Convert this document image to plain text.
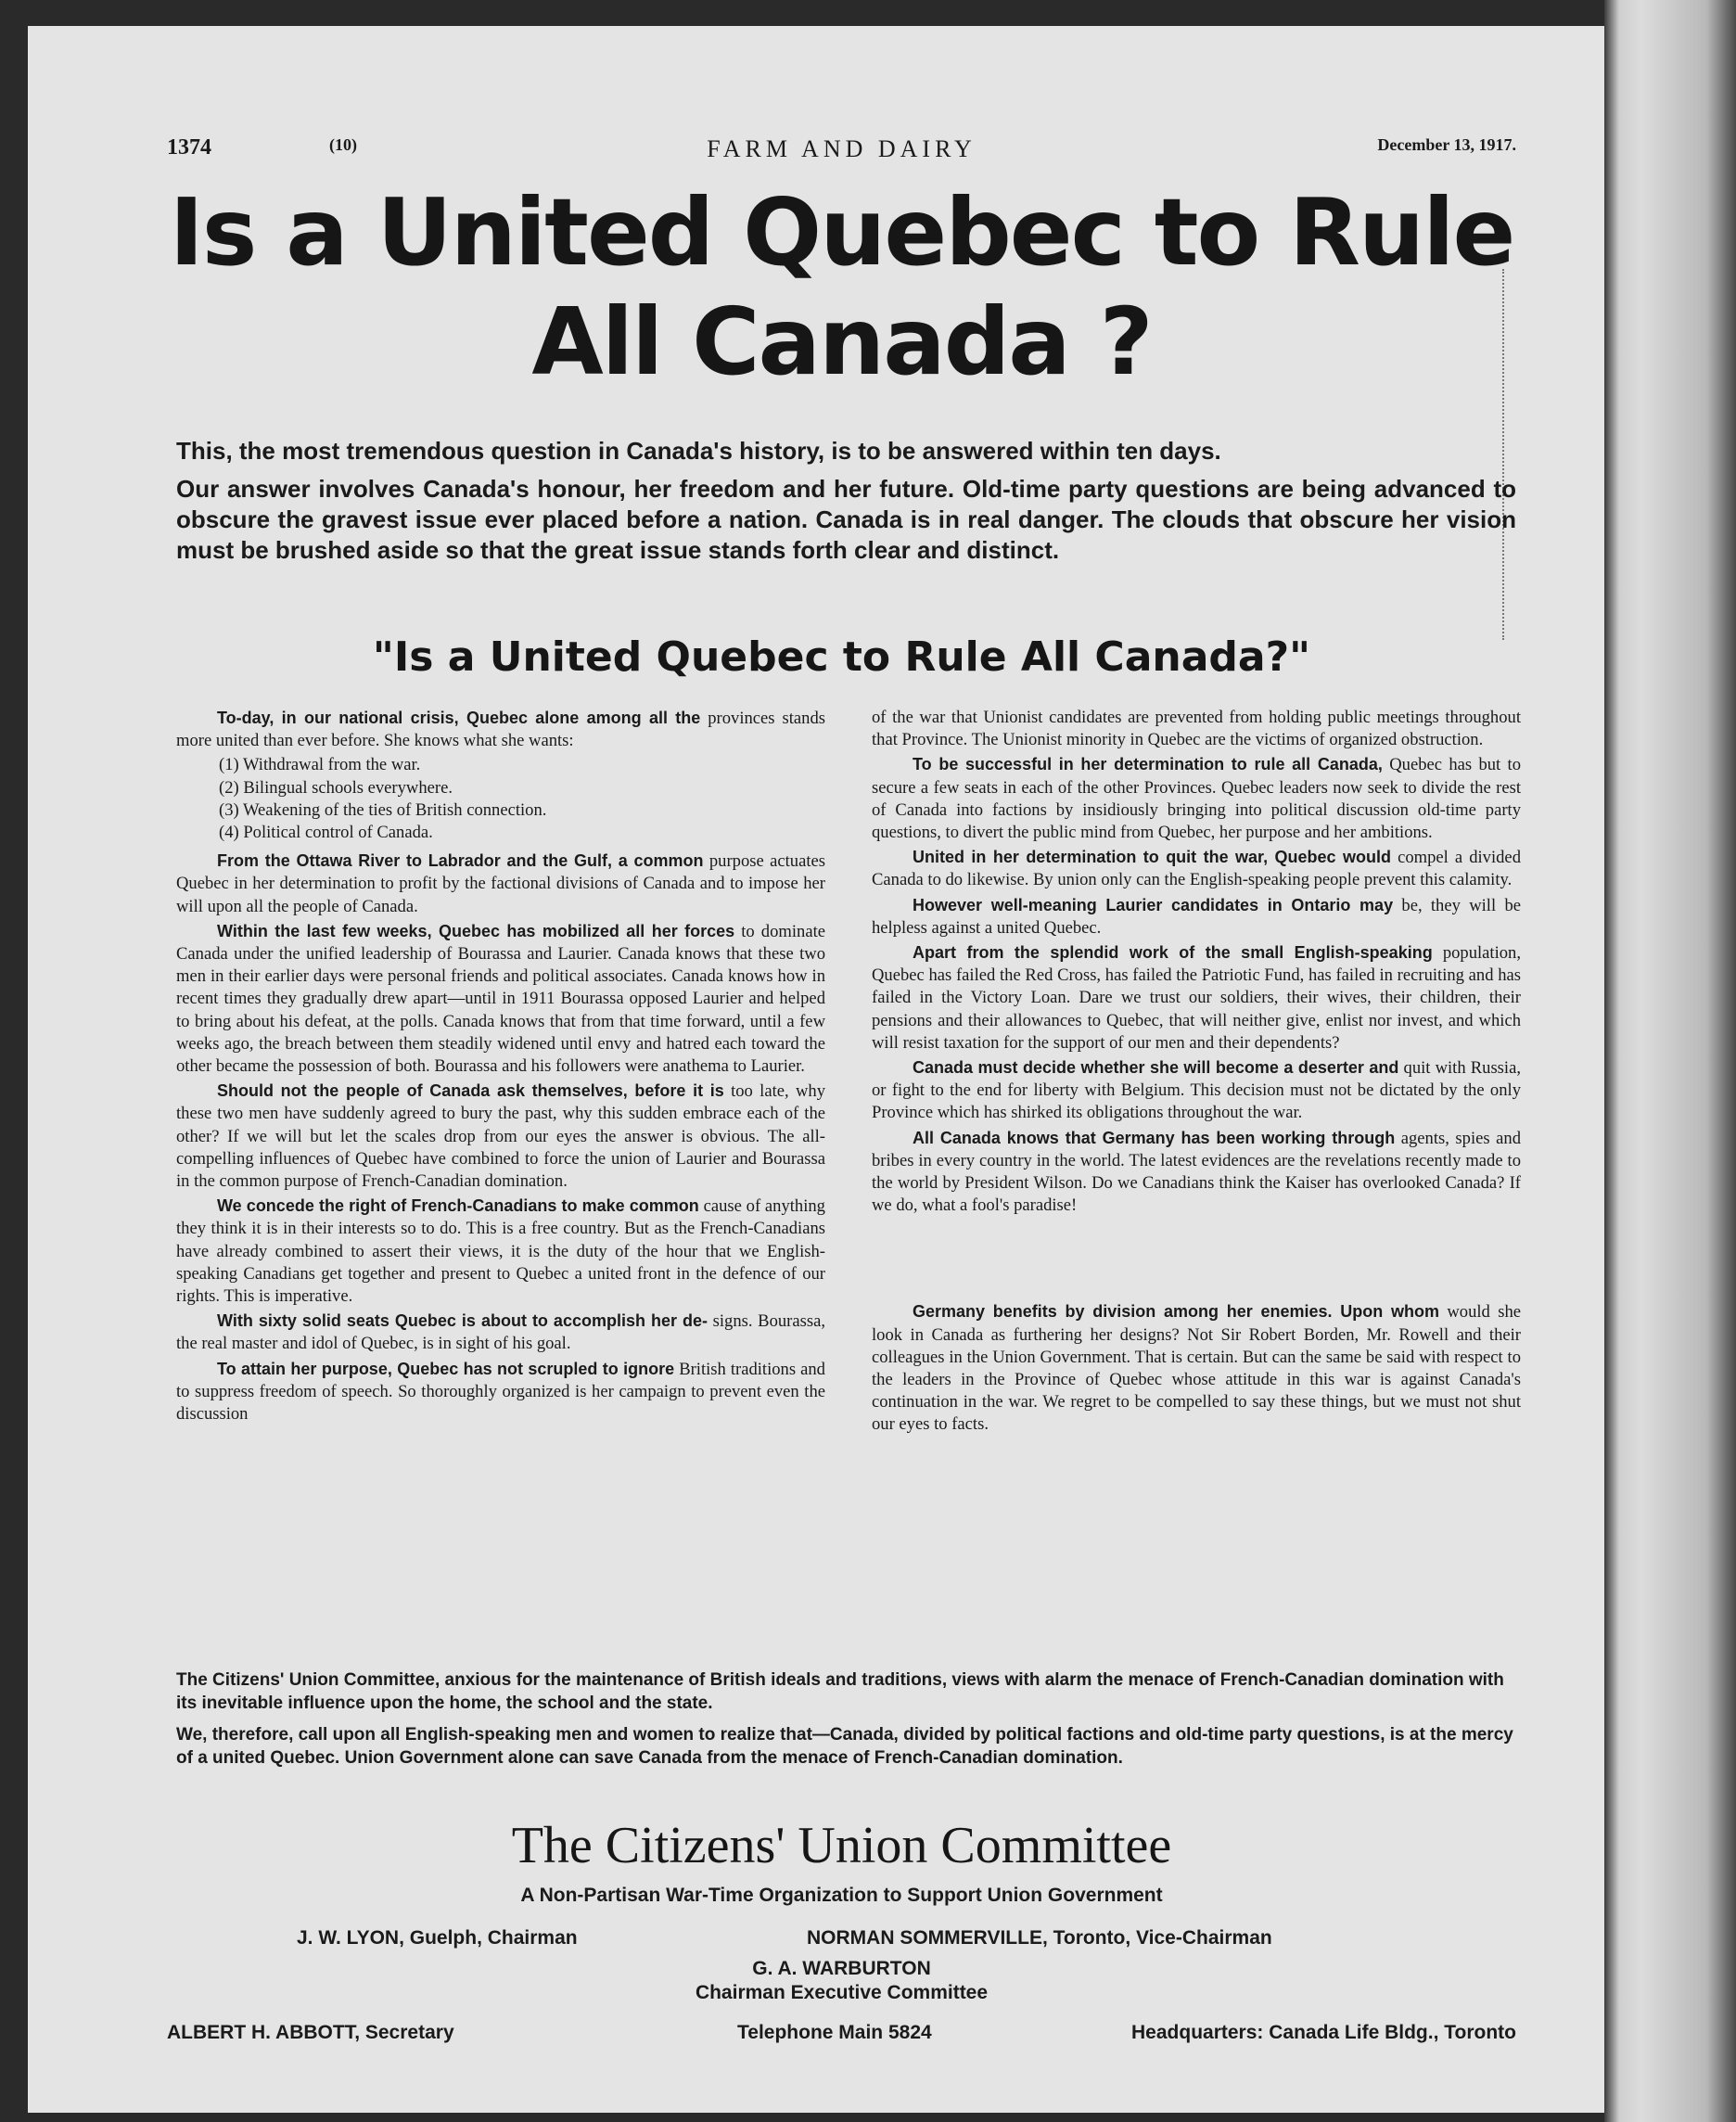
1374	(10)	FARM AND DAIRY	December 13, 1917.
Is a United Quebec to Rule
All Canada ?

This, the most tremendous question in Canada's history, is to be answered within ten days.

Our answer involves Canada's honour, her freedom and her future. Old-time party questions are being advanced to obscure the gravest issue ever placed before a nation. Canada is in real danger. The clouds that obscure her vision must be brushed aside so that the great issue stands forth clear and distinct.

"Is a United Quebec to Rule All Canada?"

To-day, in our national crisis, Quebec alone among all the provinces stands more united than ever before. She knows what she wants:

(1) Withdrawal from the war.
(2) Bilingual schools everywhere.
(3) Weakening of the ties of British connection.
(4) Political control of Canada.

From the Ottawa River to Labrador and the Gulf, a common purpose actuates Quebec in her determination to profit by the factional divisions of Canada and to impose her will upon all the people of Canada.

Within the last few weeks, Quebec has mobilized all her forces to dominate Canada under the unified leadership of Bourassa and Laurier. Canada knows that these two men in their earlier days were personal friends and political associates. Canada knows how in recent times they gradually drew apart—until in 1911 Bourassa opposed Laurier and helped to bring about his defeat, at the polls. Canada knows that from that time forward, until a few weeks ago, the breach between them steadily widened until envy and hatred each toward the other became the possession of both. Bourassa and his followers were anathema to Laurier.

Should not the people of Canada ask themselves, before it is too late, why these two men have suddenly agreed to bury the past, why this sudden embrace each of the other? If we will but let the scales drop from our eyes the answer is obvious. The all-compelling influences of Quebec have combined to force the union of Laurier and Bourassa in the common purpose of French-Canadian domination.

We concede the right of French-Canadians to make common cause of anything they think it is in their interests so to do. This is a free country. But as the French-Canadians have already combined to assert their views, it is the duty of the hour that we English-speaking Canadians get together and present to Quebec a united front in the defence of our rights. This is imperative.

With sixty solid seats Quebec is about to accomplish her de- signs. Bourassa, the real master and idol of Quebec, is in sight of his goal.

To attain her purpose, Quebec has not scrupled to ignore British traditions and to suppress freedom of speech. So thoroughly organized is her campaign to prevent even the discussion

of the war that Unionist candidates are prevented from holding public meetings throughout that Province. The Unionist minority in Quebec are the victims of organized obstruction.

To be successful in her determination to rule all Canada, Quebec has but to secure a few seats in each of the other Provinces. Quebec leaders now seek to divide the rest of Canada into factions by insidiously bringing into political discussion old-time party questions, to divert the public mind from Quebec, her purpose and her ambitions.

United in her determination to quit the war, Quebec would compel a divided Canada to do likewise. By union only can the English-speaking people prevent this calamity.

However well-meaning Laurier candidates in Ontario may be, they will be helpless against a united Quebec.

Apart from the splendid work of the small English-speaking population, Quebec has failed the Red Cross, has failed the Patriotic Fund, has failed in recruiting and has failed in the Victory Loan. Dare we trust our soldiers, their wives, their children, their pensions and their allowances to Quebec, that will neither give, enlist nor invest, and which will resist taxation for the support of our men and their dependents?

Canada must decide whether she will become a deserter and quit with Russia, or fight to the end for liberty with Belgium. This decision must not be dictated by the only Province which has shirked its obligations throughout the war.

All Canada knows that Germany has been working through agents, spies and bribes in every country in the world. The latest evidences are the revelations recently made to the world by President Wilson. Do we Canadians think the Kaiser has overlooked Canada? If we do, what a fool's paradise!

Germany benefits by division among her enemies. Upon whom would she look in Canada as furthering her designs? Not Sir Robert Borden, Mr. Rowell and their colleagues in the Union Government. That is certain. But can the same be said with respect to the leaders in the Province of Quebec whose attitude in this war is against Canada's continuation in the war. We regret to be compelled to say these things, but we must not shut our eyes to facts.

The Citizens' Union Committee, anxious for the maintenance of British ideals and traditions, views with alarm the menace of French-Canadian domination with its inevitable influence upon the home, the school and the state.

We, therefore, call upon all English-speaking men and women to realize that—Canada, divided by political factions and old-time party questions, is at the mercy of a united Quebec. Union Government alone can save Canada from the menace of French-Canadian domination.

The Citizens' Union Committee
A Non-Partisan War-Time Organization to Support Union Government
J. W. LYON, Guelph, Chairman	NORMAN SOMMERVILLE, Toronto, Vice-Chairman
G. A. WARBURTON
Chairman Executive Committee
ALBERT H. ABBOTT, Secretary	Telephone Main 5824	Headquarters: Canada Life Bldg., Toronto
